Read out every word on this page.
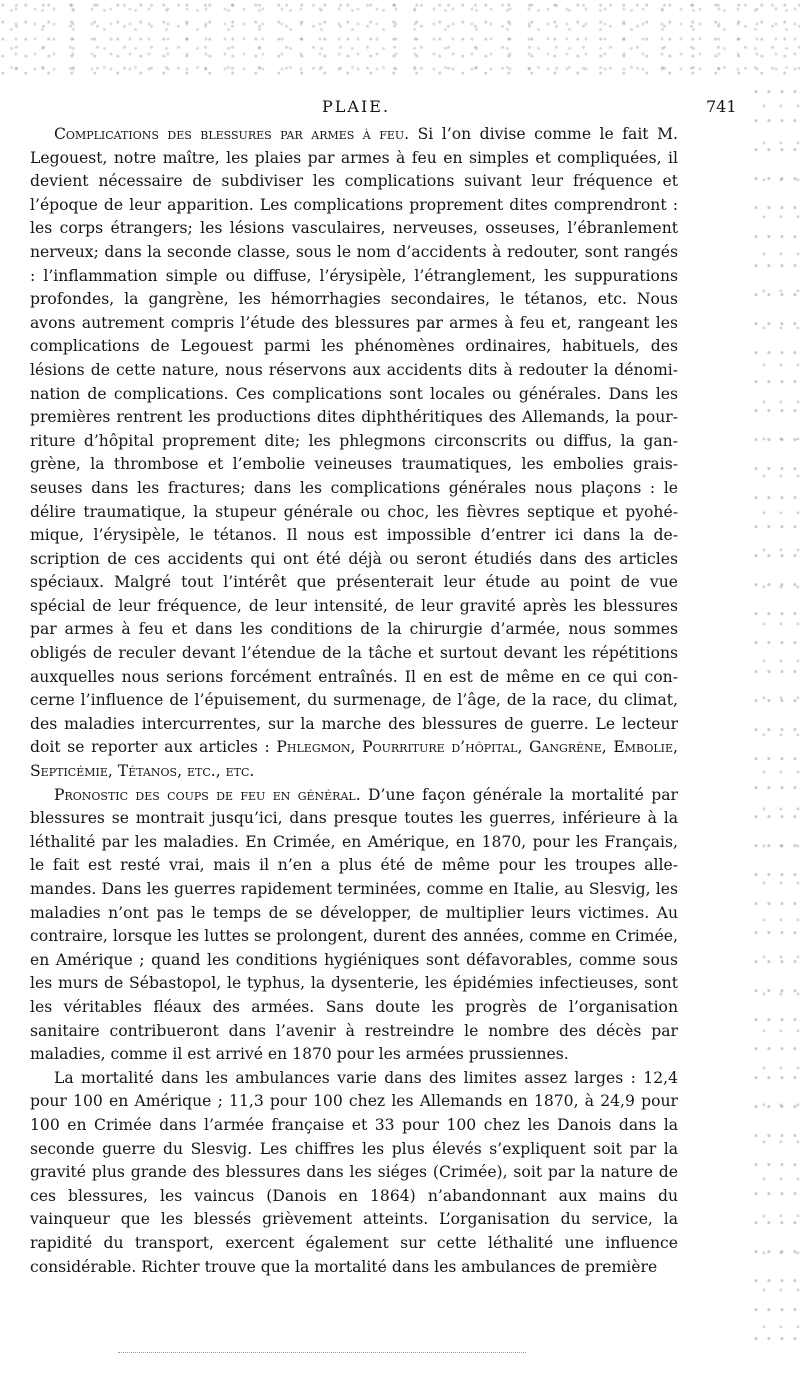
PLAIE.	741

Complications des blessures par armes à feu. Si l’on divise comme le fait M. Legouest, notre maître, les plaies par armes à feu en simples et compliquées, il devient nécessaire de subdiviser les complications suivant leur fréquence et l’époque de leur apparition. Les complications proprement dites comprendront : les corps étrangers; les lésions vasculaires, nerveuses, osseuses, l’ébranlement nerveux; dans la seconde classe, sous le nom d’accidents à redouter, sont rangés : l’inflammation simple ou diffuse, l’érysipèle, l’étranglement, les suppurations profondes, la gangrène, les hémorrhagies secondaires, le tétanos, etc. Nous avons autrement compris l’étude des blessures par armes à feu et, rangeant les complications de Legouest parmi les phénomènes ordinaires, habituels, des lésions de cette nature, nous réservons aux accidents dits à redouter la dénomination de complications. Ces complications sont locales ou générales. Dans les premières rentrent les productions dites diphthéritiques des Allemands, la pourriture d’hôpital proprement dite; les phlegmons circonscrits ou diffus, la gangrène, la thrombose et l’embolie veineuses traumatiques, les embolies graisseuses dans les fractures; dans les complications générales nous plaçons : le délire traumatique, la stupeur générale ou choc, les fièvres septique et pyohémique, l’érysipèle, le tétanos. Il nous est impossible d’entrer ici dans la description de ces accidents qui ont été déjà ou seront étudiés dans des articles spéciaux. Malgré tout l’intérêt que présenterait leur étude au point de vue spécial de leur fréquence, de leur intensité, de leur gravité après les blessures par armes à feu et dans les conditions de la chirurgie d’armée, nous sommes obligés de reculer devant l’étendue de la tâche et surtout devant les répétitions auxquelles nous serions forcément entraînés. Il en est de même en ce qui concerne l’influence de l’épuisement, du surmenage, de l’âge, de la race, du climat, des maladies intercurrentes, sur la marche des blessures de guerre. Le lecteur doit se reporter aux articles : Phlegmon, Pourriture d’hôpital, Gangrène, Embolie, Septicémie, Tétanos, etc., etc.

Pronostic des coups de feu en général. D’une façon générale la mortalité par blessures se montrait jusqu’ici, dans presque toutes les guerres, inférieure à la léthalité par les maladies. En Crimée, en Amérique, en 1870, pour les Français, le fait est resté vrai, mais il n’en a plus été de même pour les troupes allemandes. Dans les guerres rapidement terminées, comme en Italie, au Slesvig, les maladies n’ont pas le temps de se développer, de multiplier leurs victimes. Au contraire, lorsque les luttes se prolongent, durent des années, comme en Crimée, en Amérique ; quand les conditions hygiéniques sont défavorables, comme sous les murs de Sébastopol, le typhus, la dysenterie, les épidémies infectieuses, sont les véritables fléaux des armées. Sans doute les progrès de l’organisation sanitaire contribueront dans l’avenir à restreindre le nombre des décès par maladies, comme il est arrivé en 1870 pour les armées prussiennes.

La mortalité dans les ambulances varie dans des limites assez larges : 12,4 pour 100 en Amérique ; 11,3 pour 100 chez les Allemands en 1870, à 24,9 pour 100 en Crimée dans l’armée française et 33 pour 100 chez les Danois dans la seconde guerre du Slesvig. Les chiffres les plus élevés s’expliquent soit par la gravité plus grande des blessures dans les siéges (Crimée), soit par la nature de ces blessures, les vaincus (Danois en 1864) n’abandonnant aux mains du vainqueur que les blessés grièvement atteints. L’organisation du service, la rapidité du transport, exercent également sur cette léthalité une influence considérable. Richter trouve que la mortalité dans les ambulances de première
